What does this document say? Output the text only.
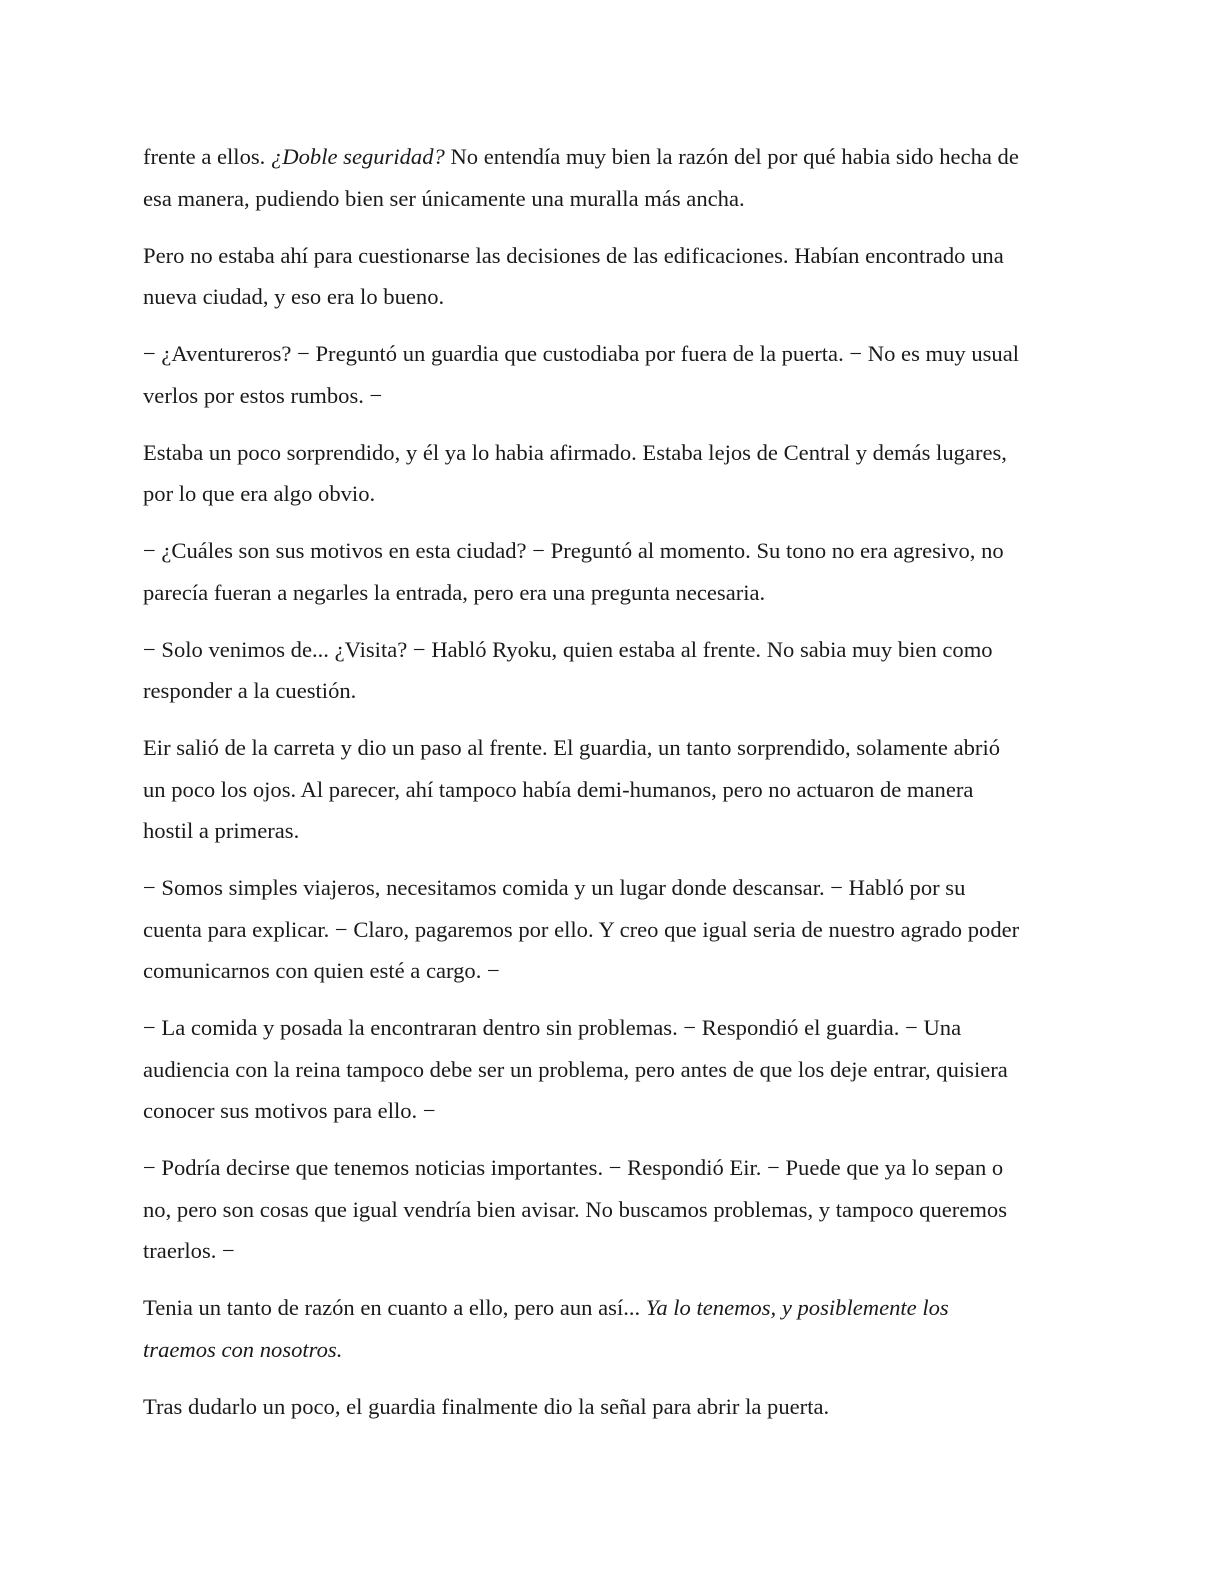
frente a ellos. ¿Doble seguridad? No entendía muy bien la razón del por qué habia sido hecha de
esa manera, pudiendo bien ser únicamente una muralla más ancha.

Pero no estaba ahí para cuestionarse las decisiones de las edificaciones. Habían encontrado una
nueva ciudad, y eso era lo bueno.

− ¿Aventureros? − Preguntó un guardia que custodiaba por fuera de la puerta. − No es muy usual
verlos por estos rumbos. −

Estaba un poco sorprendido, y él ya lo habia afirmado. Estaba lejos de Central y demás lugares,
por lo que era algo obvio.

− ¿Cuáles son sus motivos en esta ciudad? − Preguntó al momento. Su tono no era agresivo, no
parecía fueran a negarles la entrada, pero era una pregunta necesaria.

− Solo venimos de... ¿Visita? − Habló Ryoku, quien estaba al frente. No sabia muy bien como
responder a la cuestión.

Eir salió de la carreta y dio un paso al frente. El guardia, un tanto sorprendido, solamente abrió
un poco los ojos. Al parecer, ahí tampoco había demi-humanos, pero no actuaron de manera
hostil a primeras.

− Somos simples viajeros, necesitamos comida y un lugar donde descansar. − Habló por su
cuenta para explicar. − Claro, pagaremos por ello. Y creo que igual seria de nuestro agrado poder
comunicarnos con quien esté a cargo. −

− La comida y posada la encontraran dentro sin problemas. − Respondió el guardia. − Una
audiencia con la reina tampoco debe ser un problema, pero antes de que los deje entrar, quisiera
conocer sus motivos para ello. −

− Podría decirse que tenemos noticias importantes. − Respondió Eir. − Puede que ya lo sepan o
no, pero son cosas que igual vendría bien avisar. No buscamos problemas, y tampoco queremos
traerlos. −

Tenia un tanto de razón en cuanto a ello, pero aun así... Ya lo tenemos, y posiblemente los
traemos con nosotros.

Tras dudarlo un poco, el guardia finalmente dio la señal para abrir la puerta.
